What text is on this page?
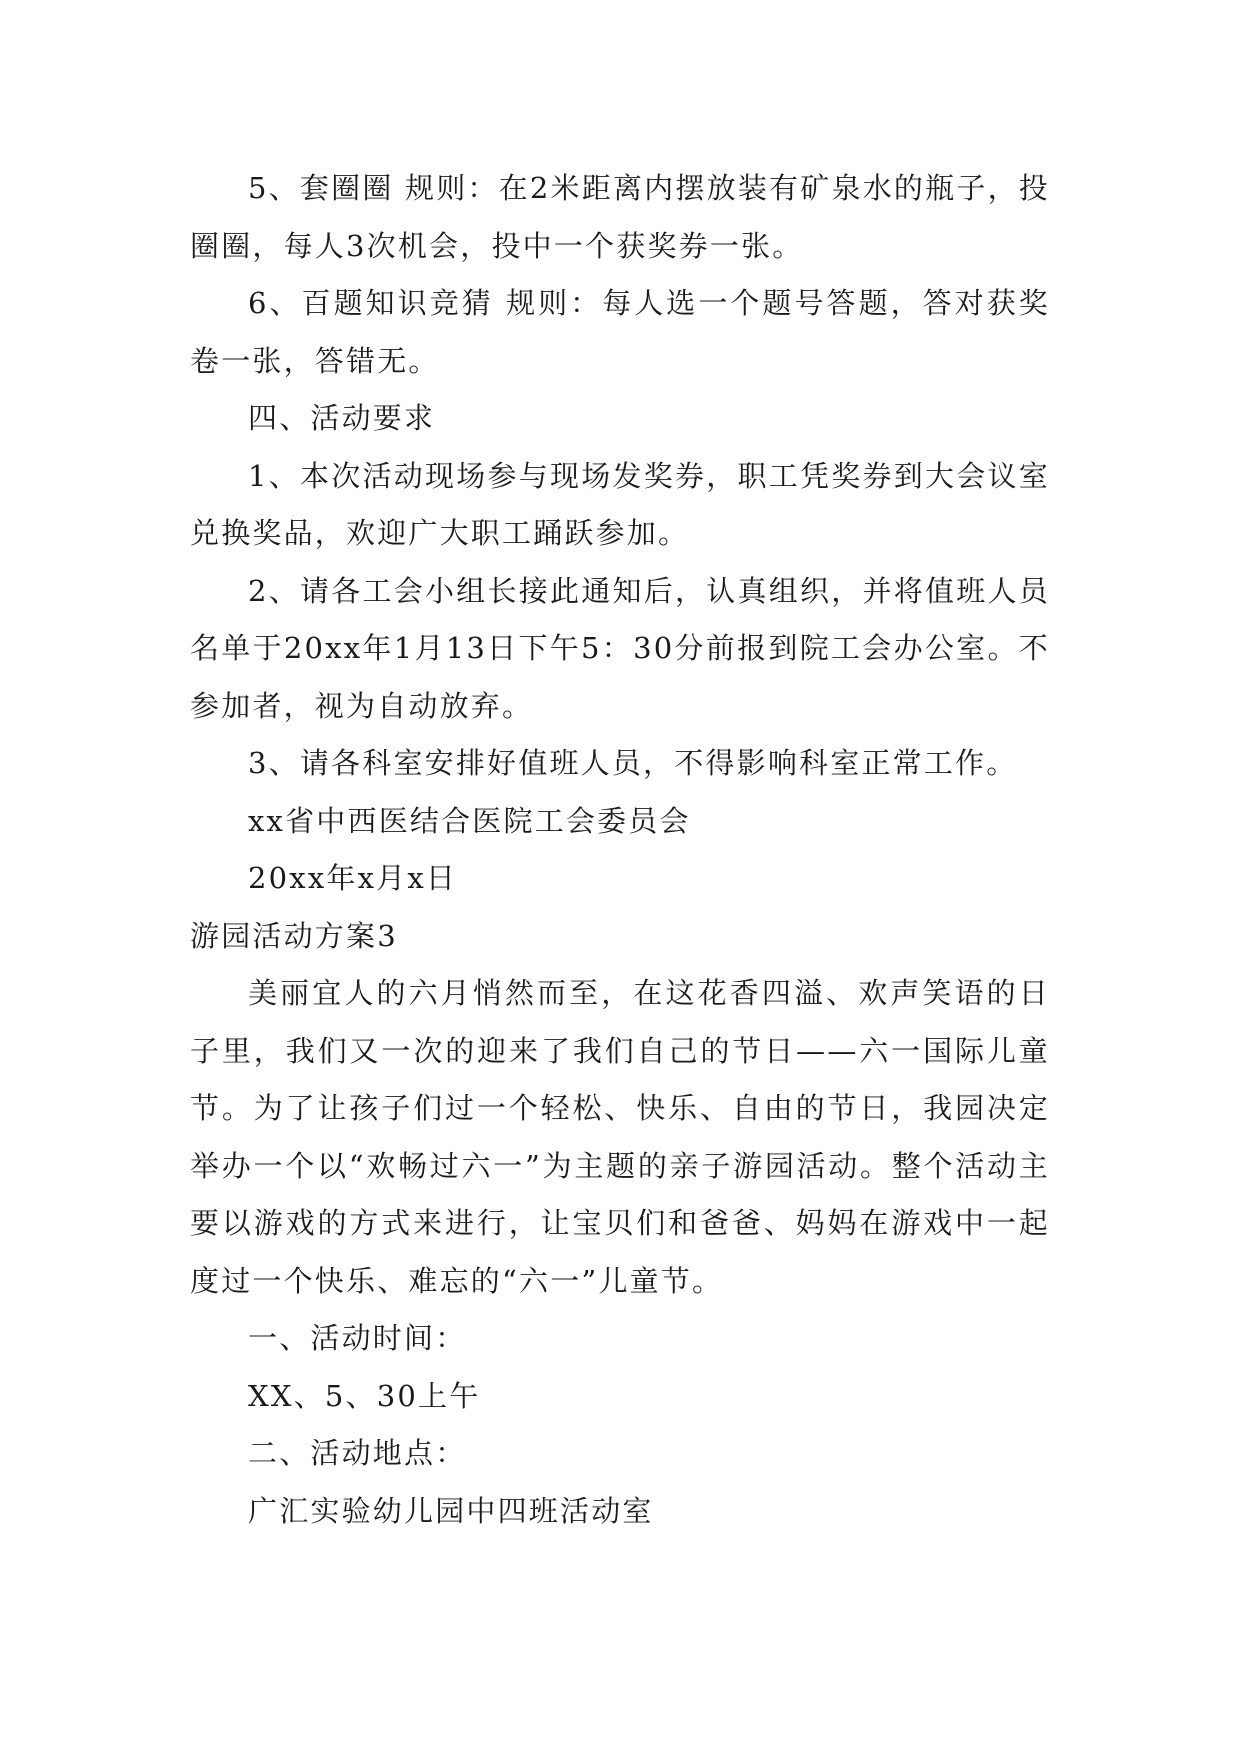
5、套圈圈 规则：在2米距离内摆放装有矿泉水的瓶子，投圈圈，每人3次机会，投中一个获奖券一张。

6、百题知识竞猜 规则：每人选一个题号答题，答对获奖卷一张，答错无。

四、活动要求

1、本次活动现场参与现场发奖券，职工凭奖券到大会议室兑换奖品，欢迎广大职工踊跃参加。

2、请各工会小组长接此通知后，认真组织，并将值班人员名单于20xx年1月13日下午5：30分前报到院工会办公室。不参加者，视为自动放弃。

3、请各科室安排好值班人员，不得影响科室正常工作。

xx省中西医结合医院工会委员会

20xx年x月x日

游园活动方案3

美丽宜人的六月悄然而至，在这花香四溢、欢声笑语的日子里，我们又一次的迎来了我们自己的节日——六一国际儿童节。为了让孩子们过一个轻松、快乐、自由的节日，我园决定举办一个以“欢畅过六一”为主题的亲子游园活动。整个活动主要以游戏的方式来进行，让宝贝们和爸爸、妈妈在游戏中一起度过一个快乐、难忘的“六一”儿童节。

一、活动时间：

XX、5、30上午

二、活动地点：

广汇实验幼儿园中四班活动室
